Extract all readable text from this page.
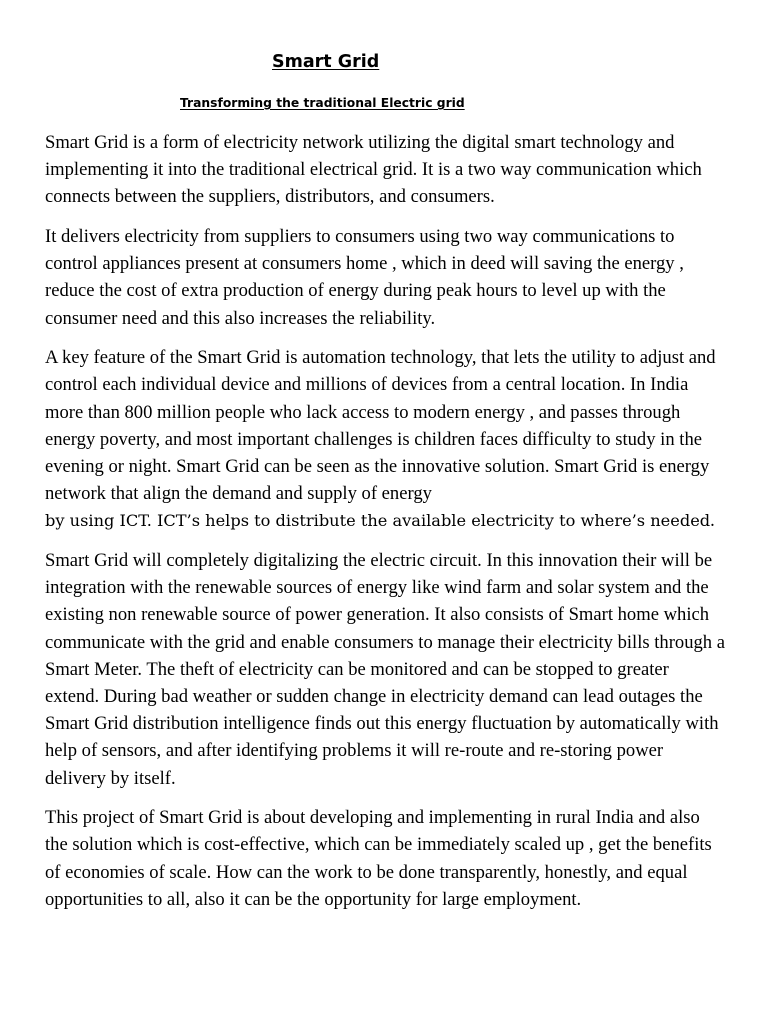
Smart Grid
Transforming the traditional Electric grid

Smart Grid is a form of electricity network utilizing the digital smart technology and implementing it into the traditional electrical grid. It is a two way communication which connects between the suppliers, distributors, and consumers.

It delivers electricity from suppliers to consumers using two way communications to control appliances present at consumers home , which in deed will saving the energy , reduce the cost of extra production of energy during peak hours to level up with the consumer need and this also increases the reliability.

A key feature of the Smart Grid is automation technology, that lets the utility to adjust and control each individual device and millions of devices from a central location. In India more than 800 million people who lack access to modern energy , and passes through energy poverty, and most important challenges is children faces difficulty to study in the evening or night. Smart Grid can be seen as the innovative solution. Smart Grid is energy network that align the demand and supply of energy
by using ICT. ICT’s helps to distribute the available electricity to where’s needed.

Smart Grid will completely digitalizing the electric circuit. In this innovation their will be integration with the renewable sources of energy like wind farm and solar system and the existing non renewable source of power generation. It also consists of Smart home which communicate with the grid and enable consumers to manage their electricity bills through a Smart Meter. The theft of electricity can be monitored and can be stopped to greater extend. During bad weather or sudden change in electricity demand can lead outages the Smart Grid distribution intelligence finds out this energy fluctuation by automatically with help of sensors, and after identifying problems it will re-route and re-storing power delivery by itself.

This project of Smart Grid is about developing and implementing in rural India and also the solution which is cost-effective, which can be immediately scaled up , get the benefits of economies of scale. How can the work to be done transparently, honestly, and equal opportunities to all, also it can be the opportunity for large employment.
